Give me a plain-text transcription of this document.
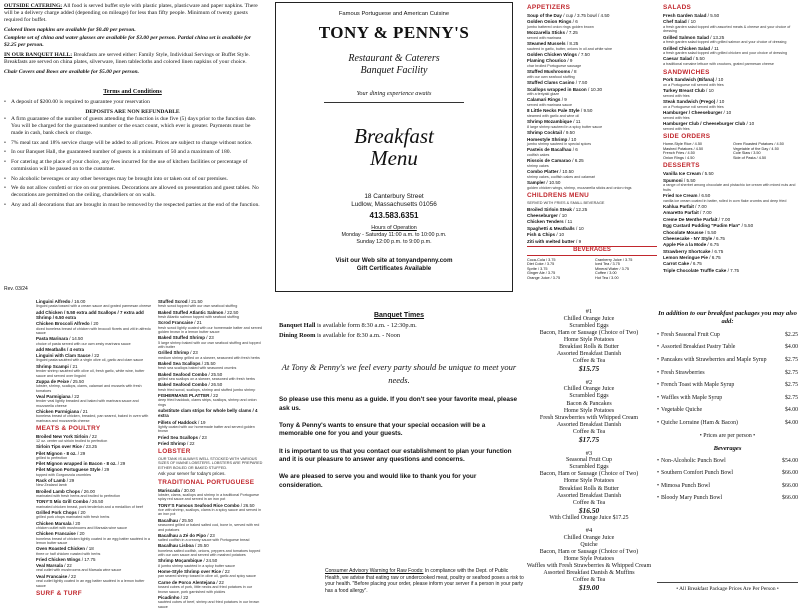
OUTSIDE CATERING: All food is served buffet style with plastic plates, plasticware and paper napkins. There will be a delivery charge added (depending on mileage) for less than fifty people. Minimum of twenty guests required for buffet.
Colored linen napkins are available for $0.40 per person.
Complete set of china and water glasses are available for $3.00 per person. Partial china set is available for $2.25 per person.
IN OUR BANQUET HALL: Breakfasts are served either: Family Style, Individual Servings or Buffet Style. Breakfasts are served on china plates, silverware, linen tablecloths and colored linen napkins of your choice.
Chair Covers and Bows are available for $5.00 per person.
Terms and Conditions
• A deposit of $200.00 is required to guarantee your reservation
DEPOSITS ARE NON REFUNDABLE
• A firm guarantee of the number of guests attending the function is due five (5) days prior to the function date. You will be charged for the guaranteed number or the exact count, which ever is greater. Payments must be made in cash, bank check or charge.
• 7% meal tax and 18% service charge will be added to all prices. Prices are subject to change without notice.
• In our Banquet Hall, the guaranteed number of guests is a minimum of 50 and a maximum of 180.
• For catering at the place of your choice, any fees incurred for the use of kitchen facilities or percentage of commission will be passed on to the customer.
• No alcoholic beverages or any other beverages may be brought into or taken out of our premises.
• We do not allow confetti or rice on our premises. Decorations are allowed on presentation and guest tables. No decorations are permitted on the ceiling, chandeliers or on walls.
• Any and all decorations that are brought in must be removed by the respected parties at the end of the function.
Rev. 03/24
Famous Portuguese and American Cuisine
TONY & PENNY'S
Restaurant & Caterers
Banquet Facility
Your dining experience awaits
Breakfast
Menu
18 Canterbury Street
Ludlow, Massachusetts 01056
413.583.6351
Hours of Operation
Monday - Saturday 11:00 a.m. to 10:00 p.m.
Sunday 12:00 p.m. to 9:00 p.m.
Visit our Web site at tonyandpenny.com
Gift Certificates Available
APPETIZERS
Soup of the Day / cup / 3.75 bowl / 4.50
Golden Onion Rings / 6
jumbo battered onion rings golden brown
Mozzarella Sticks / 7.25
served with marinara
Steamed Mussels / 8.25
sauteed in garlic, butter, onions in oil and white wine
Golden Chicken Wings / 7.50
Flaming Chourico / 9
char broiled Portuguese sausage
Stuffed Mushrooms / 8
with our own seafood stuffing
Stuffed Clams Casino / 7.50
Scallops wrapped in Bacon / 10.30
with a teriyaki glaze
Calamari Rings / 9
served with marinara sauce
8 Little Necks Pale Style / 9.50
steamed with garlic and wine oil
Shrimp Mozambique / 11
8 large shrimp sauteed in a spicy butter sauce
Shrimp Cocktail / 9.50
Homestyle Shrimp / 10
jumbo shrimp sauteed in special spices
Pasteis de Bacalhau / 6
codfish cakes
Rissois de Camarao / 6.25
shrimp cakes
Combo Platter / 10.50
shrimp cakes, codfish cakes and calamari
Sampler / 10.50
golden chicken wings, shrimp, mozzarella sticks and onion rings
CHILDRENS MENU
SERVED WITH FRIES & SMALL BEVERAGE
Broiled Sirloin Steak / 12.25
Cheeseburger / 10
Chicken Tenders / 11
Spaghetti & Meatballs / 10
Fish & Chips / 10
Ziti with melted butter / 9
BEVERAGES
Coca-Cola / 3.75	Cranberry Juice / 3.75
Diet Coke / 3.75	Iced Tea / 3.75
Sprite / 3.75	Mineral Water / 3.75
Ginger Ale / 3.75	Coffee / 3.00
Orange Juice / 3.75	Hot Tea / 3.00
SALADS
Fresh Garden Salad / 5.50
Chef Salad / 10
a fresh garden salad topped with assorted meats & cheese and your choice of dressing
Grilled Salmon Salad / 13.25
a fresh garden salad topped with grilled salmon and your choice of dressing
Grilled Chicken Salad / 11
a fresh garden salad topped with grilled chicken and your choice of dressing
Caesar Salad / 5.50
a traditional romaine lettuce with croutons, grated parmesan cheese
SANDWICHES
Pork Sandwich (Bifana) / 10
on a Portuguese roll served with fries
Turkey Breast Club / 10
served with fries
Steak Sandwich (Prego) / 10
on a Portuguese roll served with fries
Hamburger / Cheeseburger / 10
served with fries
Hamburger Club / Cheeseburger Club / 10
served with fries
SIDE ORDERS
Home-Style Rice / 4.50	Oven Roasted Potatoes / 4.50
Mashed Potatoes / 4.50	Vegetable of the Day / 4.50
French Fries / 4.50	Cole Slaw / 3.50
Onion Rings / 4.50	Side of Pasta / 4.50
DESSERTS
Vanilla Ice Cream / 5.50
Spumoni / 5.50
a range of sherbet among chocolate and pistachio ice cream with mixed nuts and fruits
Fried Ice Cream / 6.50
vanilla ice cream coated in batter, rolled in corn flake crumbs and deep fried
Kahlua Parfait / 7.00
Amaretto Parfait / 7.00
Creme De Menthe Parfait / 7.00
Egg Custard Pudding "Pudim Flan" / 5.50
Chocolate Mousse / 5.50
Cheesecake - NY Style / 6.75
Apple Pie a la Mode / 6.75
Strawberry Shortcake / 6.75
Lemon Meringue Pie / 6.75
Carrot Cake / 6.75
Triple Chocolate Truffle Cake / 7.75
Linguini Alfredo / 16.00
linguini pasta tossed with a cream sauce and grated parmesan cheese
add Chicken / 5.50 extra add Scallops / 7 extra add Shrimp / 6.50 extra
Chicken Broccoli Alfredo / 20
diced boneless breast of chicken with broccoli florets and ziti in alfredo sauce
Pasta Marinara / 14.50
choice of pasta served with our own zesty marinara sauce
add Meatballs / 4 extra
Linguini with Clam Sauce / 22
linguini pasta sautéed with a virgin olive oil, garlic and clam sauce
Shrimp Scampi / 21
tender shrimp sautéed with olive oil, fresh garlic, white wine, butter sauce and served over linguini
Zuppa de Peixe / 25.50
lobster, shrimp, scallops, clams, calamari and mussels with fresh tomatoes
Veal Parmigiana / 22
tender veal lightly breaded and baked with marinara sauce and mozzarella cheese
Chicken Parmigiana / 21
boneless breast of chicken, breaded, pan seared, baked in oven with marinara and mozzarella cheese
MEATS & POULTRY
Broiled New York Sirloin / 22
12 oz. center cut sirloin broiled to perfection
Sirloin Tips over Rice / 23.25
Filet Mignon - 8 oz. / 29
grilled to perfection
Filet Mignon wrapped in Bacon - 8 oz. / 29
Filet Mignon Portuguese Style / 29
topped with Gorgonzola crumbles
Rack of Lamb / 29
New Zealand lamb
Broiled Lamb Chops / 26.00
marinated with fresh herbs and broiled to perfection
TONY'S Mix Grill Combo / 26.50
marinated chicken breast, pork tenderloin and a medallion of beef
Grilled Pork Chops / 20
grilled pork chops marinated with fresh herbs
Chicken Marsala / 20
chicken cutlet with mushrooms and Marsala wine sauce
Chicken Francaise / 20
boneless breast of chicken lightly coated in an egg batter sautéed in a lemon butter sauce
Oven Roasted Chicken / 18
three or half chicken roasted with herbs
Fried Chicken Wings / 17.75
Veal Marsala / 22
veal cutlet with mushrooms and Marsala wine sauce
Veal Francaise / 22
veal cutlet lightly coated in an egg batter sautéed in a lemon butter sauce
SURF & TURF
Stuffed Scrod / 21.50
fresh scrod topped with our own seafood stuffing
Baked Stuffed Atlantic Salmon / 22.50
fresh Atlantic salmon topped with seafood stuffing
Scrod Francaise / 21
fresh scrod lightly coated with our homemade batter and served golden brown in a lemon butter sauce
Baked Stuffed Shrimp / 23
5 large shrimp baked with our own seafood stuffing and topped with butter
Grilled Shrimp / 23
medium shrimp grilled on a skewer, seasoned with fresh herbs
Baked Sea Scallops / 25.50
fresh sea scallops baked with seasoned crumbs
Baked Seafood Combo / 25.50
grilled sea scallops on a skewer, seasoned with fresh herbs
Baked Seafood Combo / 26.50
fresh fried scrod, scallops, shrimp and stuffed jumbo shrimp
FISHERMANS PLATTER / 22
deep fried haddock, clams strips, scallops, shrimp and onion rings
substitute clam strips for whole belly clams / 4 extra
Fillets of Haddock / 19
lightly coated with our homemade batter and served golden brown
Fried Sea Scallops / 23
Fried Shrimp / 22
LOBSTER
OUR TANK IS ALWAYS WELL STOCKED WITH VARIOUS SIZES OF MAINE LOBSTERS. LOBSTERS ARE PREPARED EITHER BOILED OR BAKED STUFFED.
Ask your server for today's prices.
TRADITIONAL PORTUGUESE
Mariscada / 30.00
lobster, clams, scallops and shrimp in a traditional Portuguese spicy red sauce and served in an iron pot
TONY'S Famous Seafood Rice Combo / 26.50
rice with shrimp, scallops, clams in a spicy sauce and served in an iron pot
Bacalhau / 25.50
seasoned grilled or baked salted cod, bone in, served with red and potatoes
Bacalhau a Zé do Pipo / 23
salted codfish in a creamy sauce with Portuguese bread
Bacalhau Lisboa / 25.50
boneless salted codfish, onions, peppers and tomatoes topped with our own sauce and served with mashed potatoes
Shrimp Moçambique / 24.50
8 jumbo shrimp sautéed in a spicy butter sauce
Home-Style Shrimp over Rice / 22
pan seared shrimp tossed in olive oil, garlic and spicy sauce
Carne de Porco Alentejana / 22
tossed cubes of pork, little necks and fried potatoes in our brown sauce, pork garnished with pickles
Picadinho / 22
sautéed cubes of beef, shrimp and fried potatoes in our brown sauce
Banquet Times
Banquet Hall is available form 8:30 a.m. - 12:30p.m.
Dining Room is available for 8:30 a.m. - Noon
At Tony & Penny's we feel every party should be unique to meet your needs.
So please use this menu as a guide. If you don't see your favorite meal, please ask us.
Tony & Penny's wants to ensure that your special occasion will be a memorable one for you and your guests.
It is important to us that you contact our establishment to plan your function and it is our pleasure to answer any questions and concerns.
We are pleased to serve you and would like to thank you for your consideration.
Consumer Advisory Warning for Raw Foods: In compliance with the Dept. of Public Health, we advise that eating raw or undercooked meat, poultry or seafood poses a risk to your health. "Before placing your order, please inform your server if a person in your party has a food allergy".
#1
Chilled Orange Juice
Scrambled Eggs
Bacon, Ham or Sausage (Choice of Two)
Home Style Potatoes
Breakfast Rolls & Butter
Assorted Breakfast Danish
Coffee & Tea
$15.75
#2
Chilled Orange Juice
Scrambled Eggs
Bacon & Pancakes
Home Style Potatoes
Fresh Strawberries with Whipped Cream
Assorted Breakfast Danish
Coffee & Tea
$17.75
#3
Seasonal Fruit Cup
Scrambled Eggs
Bacon, Ham or Sausage (Choice of Two)
Home Style Potatoes
Breakfast Rolls & Butter
Assorted Breakfast Danish
Coffee & Tea
$16.50
With Chilled Orange Juice $17.25
#4
Chilled Orange Juice
Quiche
Bacon, Ham or Sausage (Choice of Two)
Home Style Potatoes
Waffles with Fresh Strawberries & Whipped Cream
Assorted Breakfast Danish & Muffins
Coffee & Tea
$19.00
In addition to our breakfast packages you may also add:
• Fresh Seasonal Fruit Cup	$2.25
• Assorted Breakfast Pastry Table	$4.00
• Pancakes with Strawberries and Maple Syrup	$2.75
• Fresh Strawberries	$2.75
• French Toast with Maple Syrup	$2.75
• Waffles with Maple Syrup	$2.75
• Vegetable Quiche	$4.00
• Quiche Lorraine (Ham & Bacon)	$4.00
• Prices are per person •
Beverages
• Non-Alcoholic Punch Bowl	$54.00
• Southern Comfort Punch Bowl	$66.00
• Mimosa Punch Bowl	$66.00
• Bloody Mary Punch Bowl	$66.00
• All Breakfast Package Prices Are Per Person •
